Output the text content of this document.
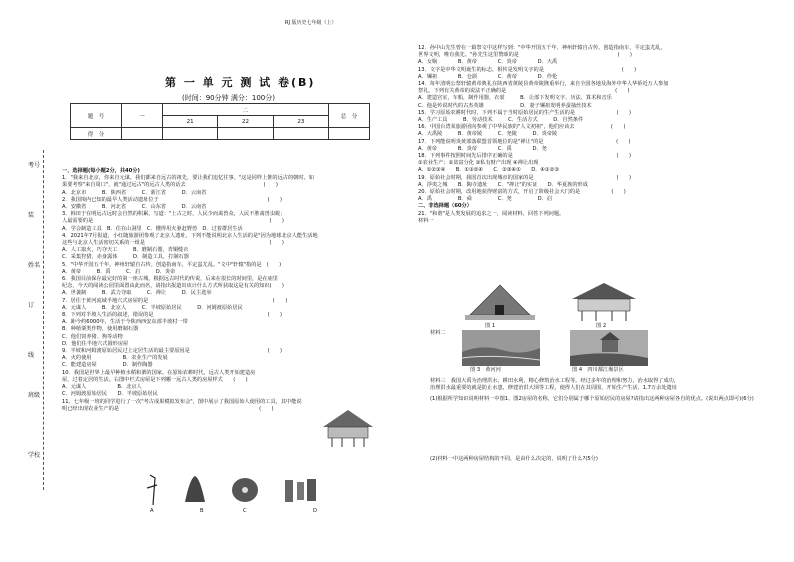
RJ 版历史七年级（上）
第 一 单 元 测 试 卷(B)
(时间：90分钟 满分：100分)
题　号	一	二			总　分
		21	22	23	
得　分					
考号
装
姓名
订
线
班级
学校

一、选择题(每小题2分，共40分)

1．"我来自北京，你来自元谋，我们都来自远古的祖先，要让我们追忆往事。"这是同样上推的远古的朝时，如

果要考察"来自周口"，就"通过远古"的远古人类的话去　　　　　　　　　　　　　　　(　　)

A．北京市　　　B．陕西省　　　C．浙江省　　　D．云南省

2．我国境内已知的最早人类活动遗址位于　　　　　　　　　　　　　　　　　　　　　(　　)

A．安徽省　　　B．河北省　　　C．山东省　　　D．云南省

3．韩田于在明远古远时会自然的积累，写道："上古之时，人民少而禽兽众，人民不胜禽兽虫蛇；

人最需要的是　　　　　　　　　　　　　　　　　　　　　　　　　　　　　　　　　　(　　)

A．学会制造工具　B．住在山洞里　C．懂得用火驱赶野兽　D．过着群居生活

4．2021年7月报道，小红随旅游团参观了北京人遗址，下列不能说明北京人生活的是"因为地球北京人能生活地

这些与北京人生活密切关系的一组是　　　　　　　　　　　　　　　　　　　　　　　　(　　)

A．人工取火，巧夺天工　　　B．磨制石器，青铜缝衣

C．采集狩猎，赤身露体　　　D．制造工具，打制石器

5．"中华开国五千年，神州轩辕自古传。创造指南车，平定蚩尤乱。"文中"轩辕"指的是　(　　)

A．黄帝　　　B．禹　　　C．启　　　D．炎帝

6．我国目前保存最完好的第一座古城，根据远古时代的传说，后来在很长的时间里，是在庙里

纪念，今天的阅读公园里面置由此而名，请指出报道出该计什么方式所获取这是有关的知识(　　)

A．世袭制　　　B．武力夺取　　　C．禅让　　　D．民主选举

7．居住于黄河流域半地穴式房屋的是　　　　　　　　　　　　　　　　　　　　　　　　(　　)

A．元谋人　　　B．北京人　　　C．半坡原始居民　　　D．河姆渡原始居民

8．下列对半坡人生活的叙述，错误的是　　　　　　　　　　　　　　　　　　　　　　(　　)

A．距今约6000年，生活于今陕西西安东部半坡村一带

B．种植粟类作物，使用磨制石器

C．他们饲养猪、狗等动物

D．他们住半地穴式圆形房屋

9．半坡和河姆渡原始居民过上定居生活的最主要原因是　　　　　　　　　　　　　　　(　　)

A．火的使用　　　　　　B．农业生产的发展

C．能建造房屋　　　　　D．制作陶器

10．我国是世界上最早种植水稻和栗的国家。在原始农耕时代，远古人类开始建造房

屋，过着定居的生活。右图中栏式房屋是下列哪一远古人类的房屋样式　　(　　)

A．元谋人　　　　　　B．北京人

C．河姆渡原始居民　　D．半坡原始居民

11．七年级一班的同学进行了一次"考古成果模拟发布会"，图中展示了我国原始人使用的工具，其中能说

明已经出现农业生产的是　　　　　　　　　　　　　　　　　　　　　　　　　　　(　　)

A	B	C	D

12．孙中山先生曾在一篇祭文中这样写到："中华开国五千年，神州轩辕自古传。创造指南车，平定蚩尤乱，

世界文明，唯有我先。"孙先生这里赞颂的是　　　　　　　　　　　　　　　　　　　(　　)

A．女娲　　　　B．黄帝　　　　C．炎帝　　　　D．大禹

13．文字是中华文明诞生的标志，相传是发明文字的是　　　　　　　　　　　　　　　(　　)

A．嫘祖　　　　B．仓颉　　　　C．黄帝　　　　D．伶伦

14．每年清明公祭轩辕黄帝典礼在陕西省黄陵县黄帝陵隆重举行，来自全国各地及海外中华人华侨近万人参加

祭礼。下列有关黄帝的说法不正确的是　　　　　　　　　　　　　　　　　　　　　(　　)

A．建造宫室，车船，制作用器，衣裳　　　B．让部下发明文字、历法、算术和音乐

C．他是传说时代的古杰英雄　　　　　　　D．妻子嫘祖发明养蚕抽丝技术

15．学习原始农耕时代时，下列不属于当时原始居民的生产生活的是　　　　　　　　(　　)

A．生产工具　　　B．劳动技术　　　C．生活方式　　　D．自然条件

16．中国台湾某旅游团向参观了中华民族的"人文初祖"，他们应该去　　　　　　　(　　)

A．大禹陵　　　B．黄帝陵　　　C．尧陵　　　D．炎帝陵

17．下列能说明炎黄部落联盟首领地位的是"禅让"的是　　　　　　　　　　　　　　(　　)

A．黄帝　　　　B．炎帝　　　　C．禹　　　　D．尧

18．下列事件按照时间先后排序正确的是　　　　　　　　　　　　　　　　　　　　(　　)

①农业生产；②贫富分化 ③私有财产出现 ④禅让出现

A．①②③④　　B．①③②④　　C．②③④①　　D．④①②③

19．原始社会时期，我国首次出现城市的国家的是　　　　　　　　　　　　　　　　(　　)

A．浮夷之城　　B．陶寺遗址　　C．"禅让"的实证　　D．华夏族的形成

20．原始社会时期，改用地获得财富的方式，开启了阶级社会大门的是　　　　　　(　　)

A．禹　　　　　B．舜　　　　　C．尧　　　　　D．启

二、非选择题（60分）

21．"和谐"是人类发展的追求之一，阅读材料，回答下列问题。

材料一

图 1	图 2
材料二
图 3　黄河河	图 4　四川都江堰景区

材料三　我国大禹为治理洪水，耕田水利，精心修筑治水工程等。经过多年的治理和努力，治水取得了成功，

治理洪水最重要的就是防止水患，修建治洪大坝等工程，使得人们在其周围，开始生产生活，1.7万余处遗址

(1)根据所学知识说明材料一中图1、图2房屋的名称，它们分别属于哪个原始居民的房屋?请指出这两种房屋各自的优点。(说出两点即可)(6分)
(2)材料一中这两种房屋结构的不同，是由什么决定的，说明了什么?(5分)
